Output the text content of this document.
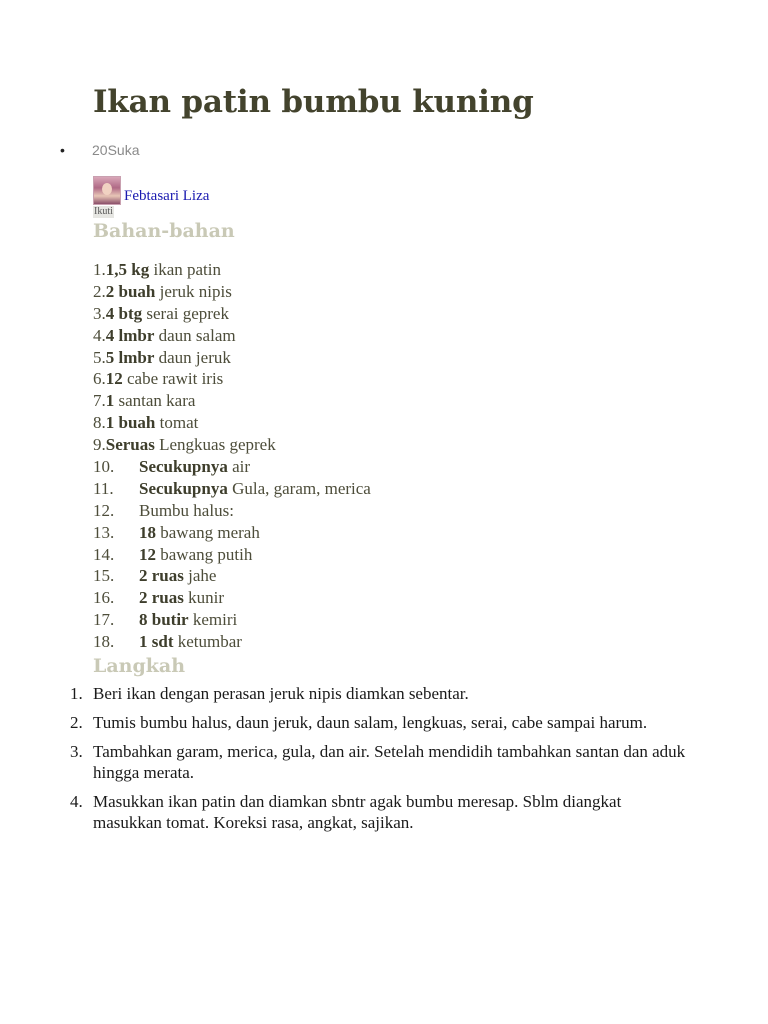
Ikan patin bumbu kuning
• 20Suka
Febtasari Liza
Ikuti
Bahan-bahan
1.1,5 kg ikan patin
2.2 buah jeruk nipis
3.4 btg serai geprek
4.4 lmbr daun salam
5.5 lmbr daun jeruk
6.12 cabe rawit iris
7.1 santan kara
8.1 buah tomat
9.Seruas Lengkuas geprek
10. Secukupnya air
11. Secukupnya Gula, garam, merica
12. Bumbu halus:
13. 18 bawang merah
14. 12 bawang putih
15. 2 ruas jahe
16. 2 ruas kunir
17. 8 butir kemiri
18. 1 sdt ketumbar
Langkah
1. Beri ikan dengan perasan jeruk nipis diamkan sebentar.
2. Tumis bumbu halus, daun jeruk, daun salam, lengkuas, serai, cabe sampai harum.
3. Tambahkan garam, merica, gula, dan air. Setelah mendidih tambahkan santan dan aduk hingga merata.
4. Masukkan ikan patin dan diamkan sbntr agak bumbu meresap. Sblm diangkat masukkan tomat. Koreksi rasa, angkat, sajikan.
